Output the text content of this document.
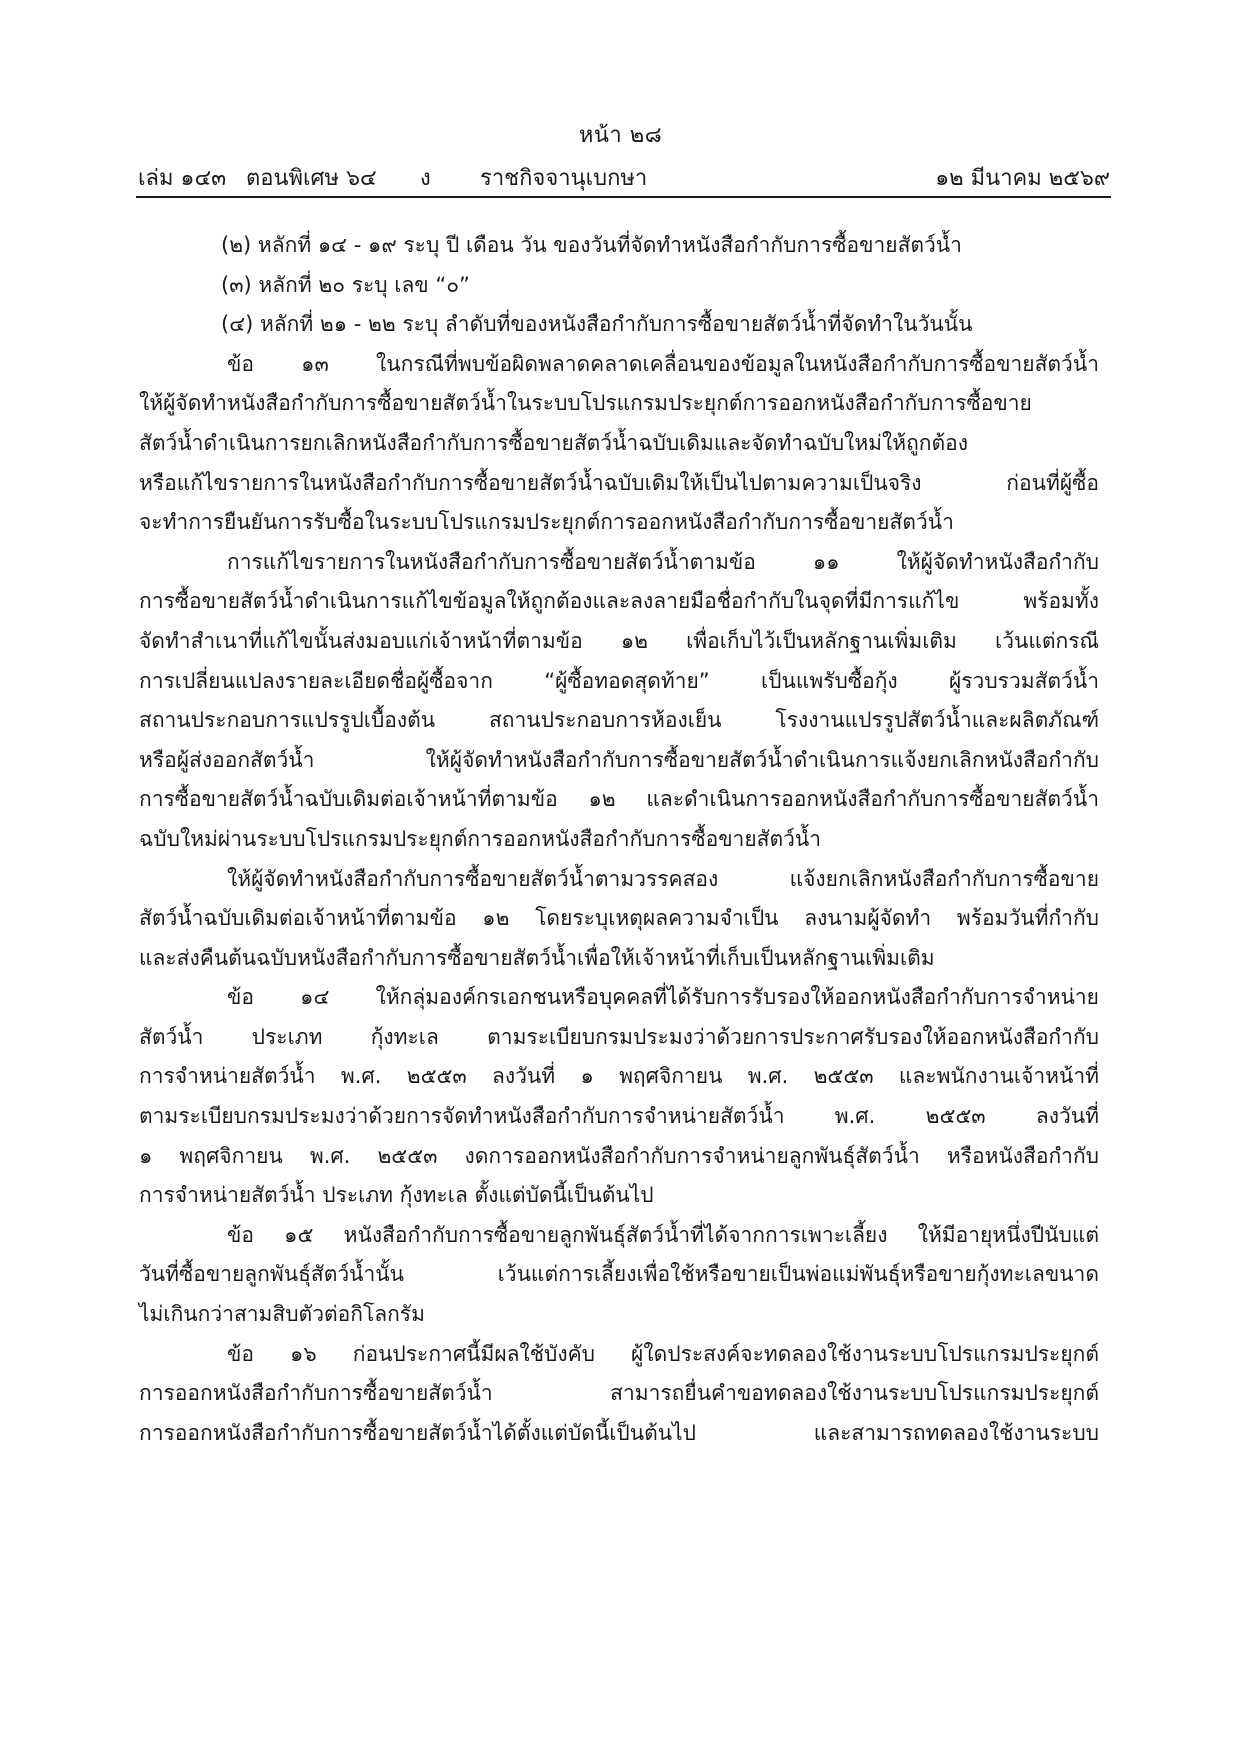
หน้า ๒๘
เล่ม ๑๔๓ ตอนพิเศษ ๖๔ ง ราชกิจจานุเบกษา	๑๒ มีนาคม ๒๕๖๙
(๒) หลักที่ ๑๔ - ๑๙ ระบุ ปี เดือน วัน ของวันที่จัดทำหนังสือกำกับการซื้อขายสัตว์น้ำ
(๓) หลักที่ ๒๐ ระบุ เลข “๐”
(๔) หลักที่ ๒๑ - ๒๒ ระบุ ลำดับที่ของหนังสือกำกับการซื้อขายสัตว์น้ำที่จัดทำในวันนั้น
ข้อ ๑๓ ในกรณีที่พบข้อผิดพลาดคลาดเคลื่อนของข้อมูลในหนังสือกำกับการซื้อขายสัตว์น้ำ
ให้ผู้จัดทำหนังสือกำกับการซื้อขายสัตว์น้ำในระบบโปรแกรมประยุกต์การออกหนังสือกำกับการซื้อขาย
สัตว์น้ำดำเนินการยกเลิกหนังสือกำกับการซื้อขายสัตว์น้ำฉบับเดิมและจัดทำฉบับใหม่ให้ถูกต้อง
หรือแก้ไขรายการในหนังสือกำกับการซื้อขายสัตว์น้ำฉบับเดิมให้เป็นไปตามความเป็นจริง ก่อนที่ผู้ซื้อ
จะทำการยืนยันการรับซื้อในระบบโปรแกรมประยุกต์การออกหนังสือกำกับการซื้อขายสัตว์น้ำ
การแก้ไขรายการในหนังสือกำกับการซื้อขายสัตว์น้ำตามข้อ ๑๑ ให้ผู้จัดทำหนังสือกำกับ
การซื้อขายสัตว์น้ำดำเนินการแก้ไขข้อมูลให้ถูกต้องและลงลายมือชื่อกำกับในจุดที่มีการแก้ไข พร้อมทั้ง
จัดทำสำเนาที่แก้ไขนั้นส่งมอบแก่เจ้าหน้าที่ตามข้อ ๑๒ เพื่อเก็บไว้เป็นหลักฐานเพิ่มเติม เว้นแต่กรณี
การเปลี่ยนแปลงรายละเอียดชื่อผู้ซื้อจาก “ผู้ซื้อทอดสุดท้าย” เป็นแพรับซื้อกุ้ง ผู้รวบรวมสัตว์น้ำ
สถานประกอบการแปรรูปเบื้องต้น สถานประกอบการห้องเย็น โรงงานแปรรูปสัตว์น้ำและผลิตภัณฑ์
หรือผู้ส่งออกสัตว์น้ำ ให้ผู้จัดทำหนังสือกำกับการซื้อขายสัตว์น้ำดำเนินการแจ้งยกเลิกหนังสือกำกับ
การซื้อขายสัตว์น้ำฉบับเดิมต่อเจ้าหน้าที่ตามข้อ ๑๒ และดำเนินการออกหนังสือกำกับการซื้อขายสัตว์น้ำ
ฉบับใหม่ผ่านระบบโปรแกรมประยุกต์การออกหนังสือกำกับการซื้อขายสัตว์น้ำ
ให้ผู้จัดทำหนังสือกำกับการซื้อขายสัตว์น้ำตามวรรคสอง แจ้งยกเลิกหนังสือกำกับการซื้อขาย
สัตว์น้ำฉบับเดิมต่อเจ้าหน้าที่ตามข้อ ๑๒ โดยระบุเหตุผลความจำเป็น ลงนามผู้จัดทำ พร้อมวันที่กำกับ
และส่งคืนต้นฉบับหนังสือกำกับการซื้อขายสัตว์น้ำเพื่อให้เจ้าหน้าที่เก็บเป็นหลักฐานเพิ่มเติม
ข้อ ๑๔ ให้กลุ่มองค์กรเอกชนหรือบุคคลที่ได้รับการรับรองให้ออกหนังสือกำกับการจำหน่าย
สัตว์น้ำ ประเภท กุ้งทะเล ตามระเบียบกรมประมงว่าด้วยการประกาศรับรองให้ออกหนังสือกำกับ
การจำหน่ายสัตว์น้ำ พ.ศ. ๒๕๕๓ ลงวันที่ ๑ พฤศจิกายน พ.ศ. ๒๕๕๓ และพนักงานเจ้าหน้าที่
ตามระเบียบกรมประมงว่าด้วยการจัดทำหนังสือกำกับการจำหน่ายสัตว์น้ำ พ.ศ. ๒๕๕๓ ลงวันที่
๑ พฤศจิกายน พ.ศ. ๒๕๕๓ งดการออกหนังสือกำกับการจำหน่ายลูกพันธุ์สัตว์น้ำ หรือหนังสือกำกับ
การจำหน่ายสัตว์น้ำ ประเภท กุ้งทะเล ตั้งแต่บัดนี้เป็นต้นไป
ข้อ ๑๕ หนังสือกำกับการซื้อขายลูกพันธุ์สัตว์น้ำที่ได้จากการเพาะเลี้ยง ให้มีอายุหนึ่งปีนับแต่
วันที่ซื้อขายลูกพันธุ์สัตว์น้ำนั้น เว้นแต่การเลี้ยงเพื่อใช้หรือขายเป็นพ่อแม่พันธุ์หรือขายกุ้งทะเลขนาด
ไม่เกินกว่าสามสิบตัวต่อกิโลกรัม
ข้อ ๑๖ ก่อนประกาศนี้มีผลใช้บังคับ ผู้ใดประสงค์จะทดลองใช้งานระบบโปรแกรมประยุกต์
การออกหนังสือกำกับการซื้อขายสัตว์น้ำ สามารถยื่นคำขอทดลองใช้งานระบบโปรแกรมประยุกต์
การออกหนังสือกำกับการซื้อขายสัตว์น้ำได้ตั้งแต่บัดนี้เป็นต้นไป และสามารถทดลองใช้งานระบบ
